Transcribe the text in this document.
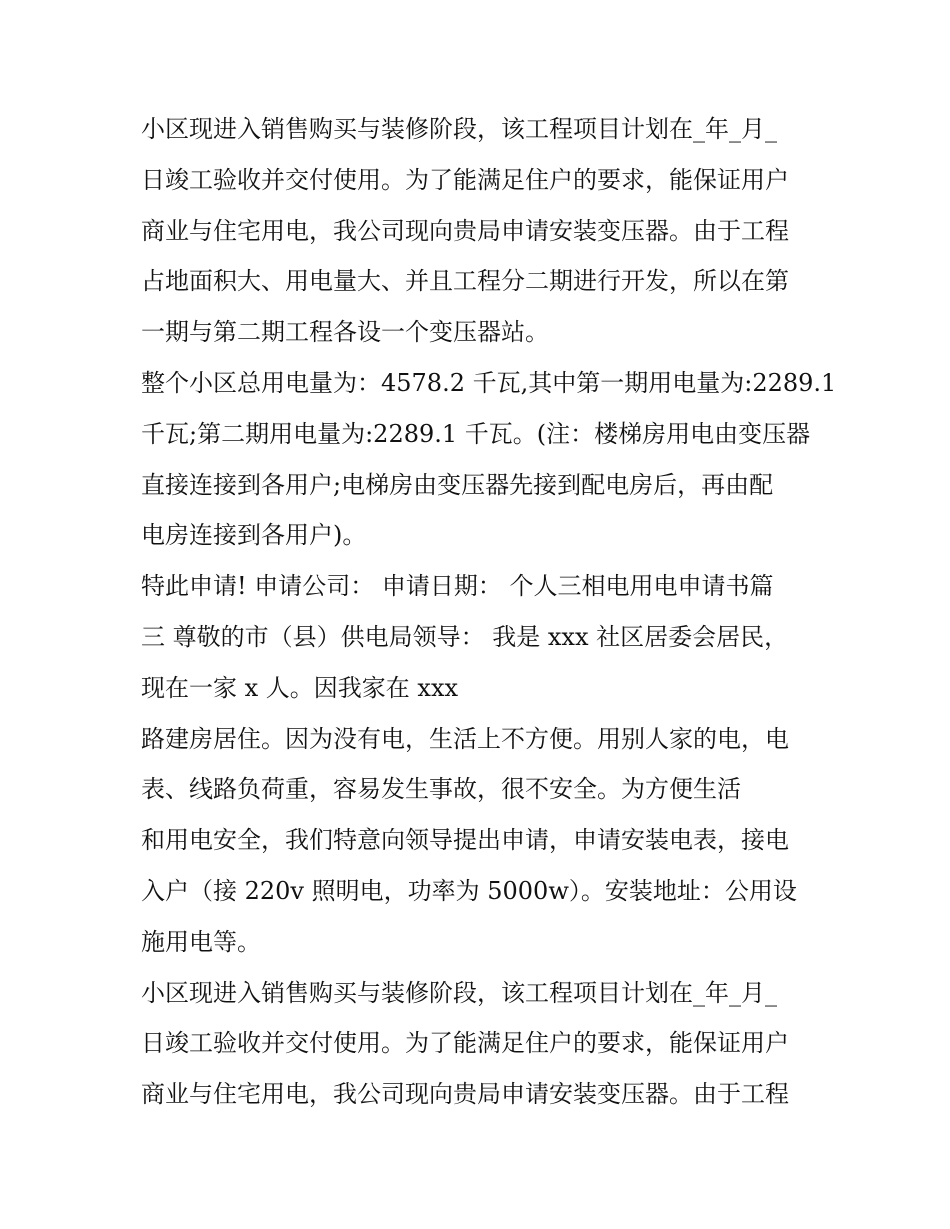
小区现进入销售购买与装修阶段，该工程项目计划在_年_月_
日竣工验收并交付使用。为了能满足住户的要求，能保证用户
商业与住宅用电，我公司现向贵局申请安装变压器。由于工程
占地面积大、用电量大、并且工程分二期进行开发，所以在第
一期与第二期工程各设一个变压器站。
整个小区总用电量为：4578.2 千瓦,其中第一期用电量为:2289.1
千瓦;第二期用电量为:2289.1 千瓦。(注：楼梯房用电由变压器
直接连接到各用户;电梯房由变压器先接到配电房后，再由配
电房连接到各用户)。
特此申请! 申请公司： 申请日期： 个人三相电用电申请书篇
三 尊敬的市（县）供电局领导： 我是 xxx 社区居委会居民，
现在一家 x 人。因我家在 xxx
路建房居住。因为没有电，生活上不方便。用别人家的电，电
表、线路负荷重，容易发生事故，很不安全。为方便生活
和用电安全，我们特意向领导提出申请，申请安装电表，接电
入户（接 220v 照明电，功率为 5000w）。安装地址：公用设
施用电等。
小区现进入销售购买与装修阶段，该工程项目计划在_年_月_
日竣工验收并交付使用。为了能满足住户的要求，能保证用户
商业与住宅用电，我公司现向贵局申请安装变压器。由于工程
